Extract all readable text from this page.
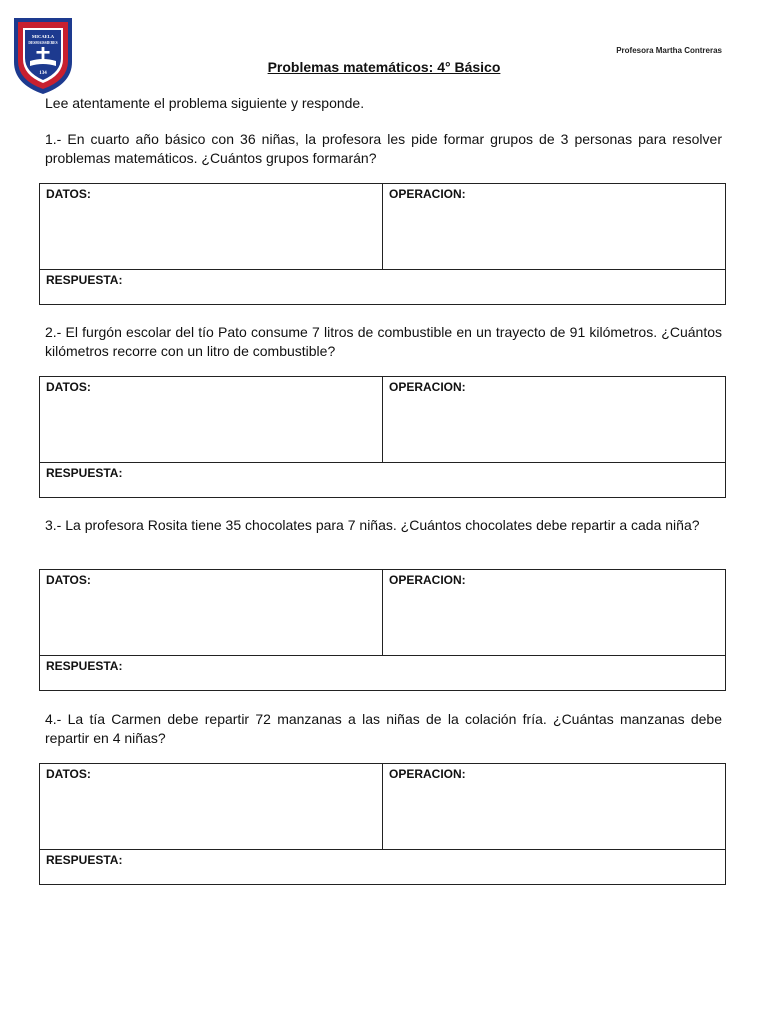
MICAELA
DESMAISSIERES
134
Profesora Martha Contreras
Problemas matemáticos: 4° Básico
Lee atentamente el problema siguiente y responde.
1.- En cuarto año básico con 36 niñas, la profesora les pide formar grupos de 3 personas para resolver problemas matemáticos. ¿Cuántos grupos formarán?
DATOS:	OPERACION:
RESPUESTA:
2.- El furgón escolar del tío Pato consume 7 litros de combustible en un trayecto de 91 kilómetros. ¿Cuántos kilómetros recorre con un litro de combustible?
DATOS:	OPERACION:
RESPUESTA:
3.- La profesora Rosita tiene 35 chocolates para 7 niñas. ¿Cuántos chocolates debe repartir a cada niña?
DATOS:	OPERACION:
RESPUESTA:
4.- La tía Carmen debe repartir 72 manzanas a las niñas de la colación fría. ¿Cuántas manzanas debe repartir en 4 niñas?
DATOS:	OPERACION:
RESPUESTA:
